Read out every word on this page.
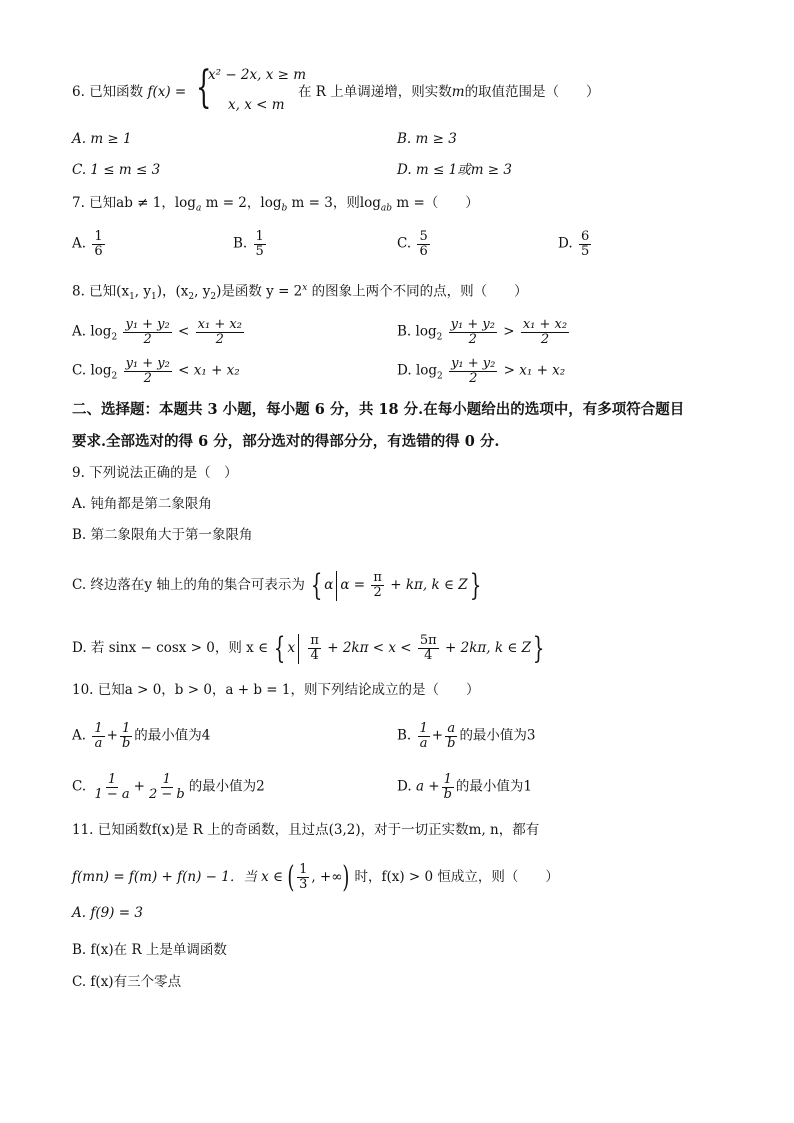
6. 已知函数 f(x) = {
x² − 2x, x ≥ m
x, x < m
在 R 上单调递增，则实数m的取值范围是（　　）
A. m ≥ 1	B. m ≥ 3
C. 1 ≤ m ≤ 3	D. m ≤ 1或m ≥ 3
7. 已知ab ≠ 1，$\log_a m = 2$，$\log_b m = 3$，则$\log_{ab} m$ =（　　）
A. $\frac{1}{6}$	B. $\frac{1}{5}$	C. $\frac{5}{6}$	D. $\frac{6}{5}$
8. 已知($x_1$, $y_1$)，($x_2$, $y_2$)是函数 $y = 2^x$ 的图象上两个不同的点，则（　　）
A. $\log_2 \frac{\text{y₁ + y₂}}{2} < \frac{\text{x₁ + x₂}}{2}$	B. $\log_2 \frac{\text{y₁ + y₂}}{2} > \frac{\text{x₁ + x₂}}{2}$
C. $\log_2 \frac{\text{y₁ + y₂}}{2} < x_1 + x_2$	D. $\log_2 \frac{\text{y₁ + y₂}}{2} > x_1 + x_2$
二、选择题：本题共 3 小题，每小题 6 分，共 18 分.在每小题给出的选项中，有多项符合题目
要求.全部选对的得 6 分，部分选对的得部分分，有选错的得 0 分.
9. 下列说法正确的是（　）
A. 钝角都是第二象限角
B. 第二象限角大于第一象限角
C. 终边落在y 轴上的角的集合可表示为 { α $\alpha = \frac{\pi}{2} + k\pi$, k ∈ Z}
D. 若 sinx − cosx > 0，则 x ∈ { x $\frac{\pi}{4} + 2k\pi < x < \frac{5\pi}{4} + 2k\pi$, k ∈ Z}
10. 已知a > 0，b > 0，a + b = 1，则下列结论成立的是（　　）
A. $\frac{1}{a} + \frac{1}{b}$ 的最小值为4	B. $\frac{1}{a} + \frac{a}{b}$ 的最小值为3
C. $\frac{1}{1 - a} + \frac{1}{2 - b}$ 的最小值为2	D. $a + \frac{1}{b}$ 的最小值为1
11. 已知函数f(x)是 R 上的奇函数，且过点(3,2)，对于一切正实数m, n，都有
f(mn) = f(m) + f(n) − 1．当 x ∈ ( $\frac{1}{3}$ , +∞) 时，f(x) > 0 恒成立，则（　　）
A. f(9) = 3
B. f(x)在 R 上是单调函数
C. f(x)有三个零点
